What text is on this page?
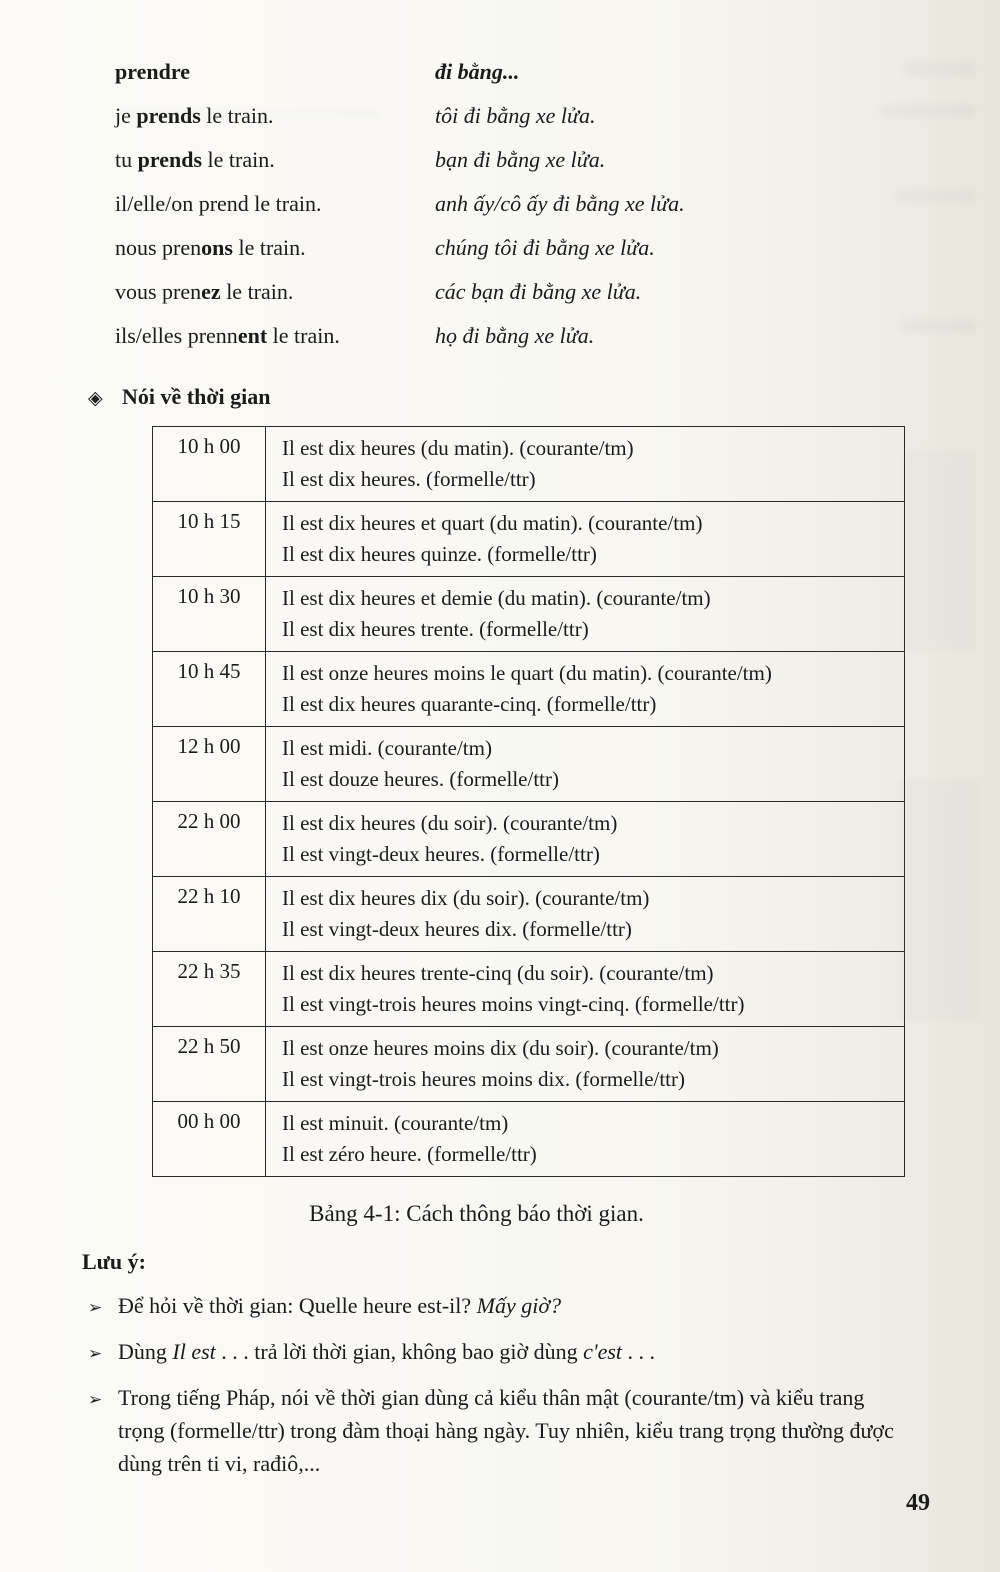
prendre	đi bằng...
je prends le train.	tôi đi bằng xe lửa.
tu prends le train.	bạn đi bằng xe lửa.
il/elle/on prend le train.	anh ấy/cô ấy đi bằng xe lửa.
nous prenons le train.	chúng tôi đi bằng xe lửa.
vous prenez le train.	các bạn đi bằng xe lửa.
ils/elles prennent le train.	họ đi bằng xe lửa.
◈ Nói về thời gian
10 h 00	Il est dix heures (du matin). (courante/tm)
Il est dix heures. (formelle/ttr)

10 h 15	Il est dix heures et quart (du matin). (courante/tm)
Il est dix heures quinze. (formelle/ttr)

10 h 30	Il est dix heures et demie (du matin). (courante/tm)
Il est dix heures trente. (formelle/ttr)

10 h 45	Il est onze heures moins le quart (du matin). (courante/tm)
Il est dix heures quarante-cinq. (formelle/ttr)

12 h 00	Il est midi. (courante/tm)
Il est douze heures. (formelle/ttr)

22 h 00	Il est dix heures (du soir). (courante/tm)
Il est vingt-deux heures. (formelle/ttr)

22 h 10	Il est dix heures dix (du soir). (courante/tm)
Il est vingt-deux heures dix. (formelle/ttr)

22 h 35	Il est dix heures trente-cinq (du soir). (courante/tm)
Il est vingt-trois heures moins vingt-cinq. (formelle/ttr)

22 h 50	Il est onze heures moins dix (du soir). (courante/tm)
Il est vingt-trois heures moins dix. (formelle/ttr)

00 h 00	Il est minuit. (courante/tm)
Il est zéro heure. (formelle/ttr)
Bảng 4-1: Cách thông báo thời gian.
Lưu ý:
➢ Để hỏi về thời gian: Quelle heure est-il? Mấy giờ?
➢ Dùng Il est . . . trả lời thời gian, không bao giờ dùng c'est . . .
➢ Trong tiếng Pháp, nói về thời gian dùng cả kiểu thân mật (courante/tm) và kiểu trang trọng (formelle/ttr) trong đàm thoại hàng ngày. Tuy nhiên, kiểu trang trọng thường được dùng trên ti vi, rađiô,...
49
